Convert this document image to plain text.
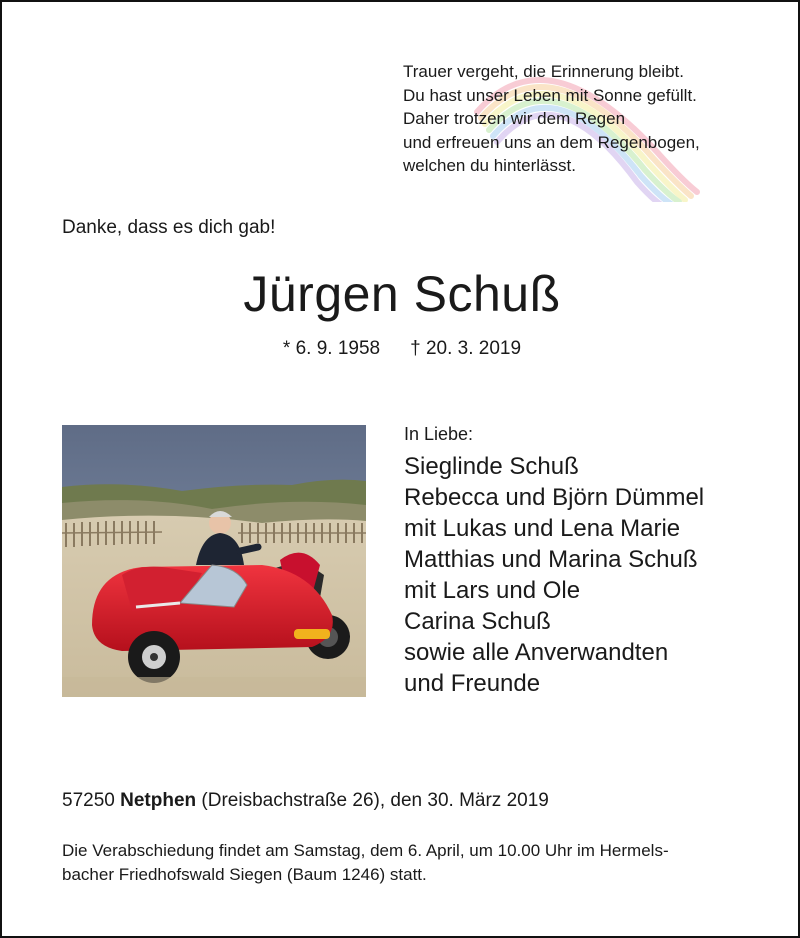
Trauer vergeht, die Erinnerung bleibt.
Du hast unser Leben mit Sonne gefüllt.
Daher trotzen wir dem Regen
und erfreuen uns an dem Regenbogen,
welchen du hinterlässt.
Danke, dass es dich gab!
Jürgen Schuß
* 6. 9. 1958 † 20. 3. 2019
In Liebe:
Sieglinde Schuß
Rebecca und Björn Dümmel
mit Lukas und Lena Marie
Matthias und Marina Schuß
mit Lars und Ole
Carina Schuß
sowie alle Anverwandten
und Freunde
57250 Netphen (Dreisbachstraße 26), den 30. März 2019
Die Verabschiedung findet am Samstag, dem 6. April, um 10.00 Uhr im Hermels-
bacher Friedhofswald Siegen (Baum 1246) statt.
